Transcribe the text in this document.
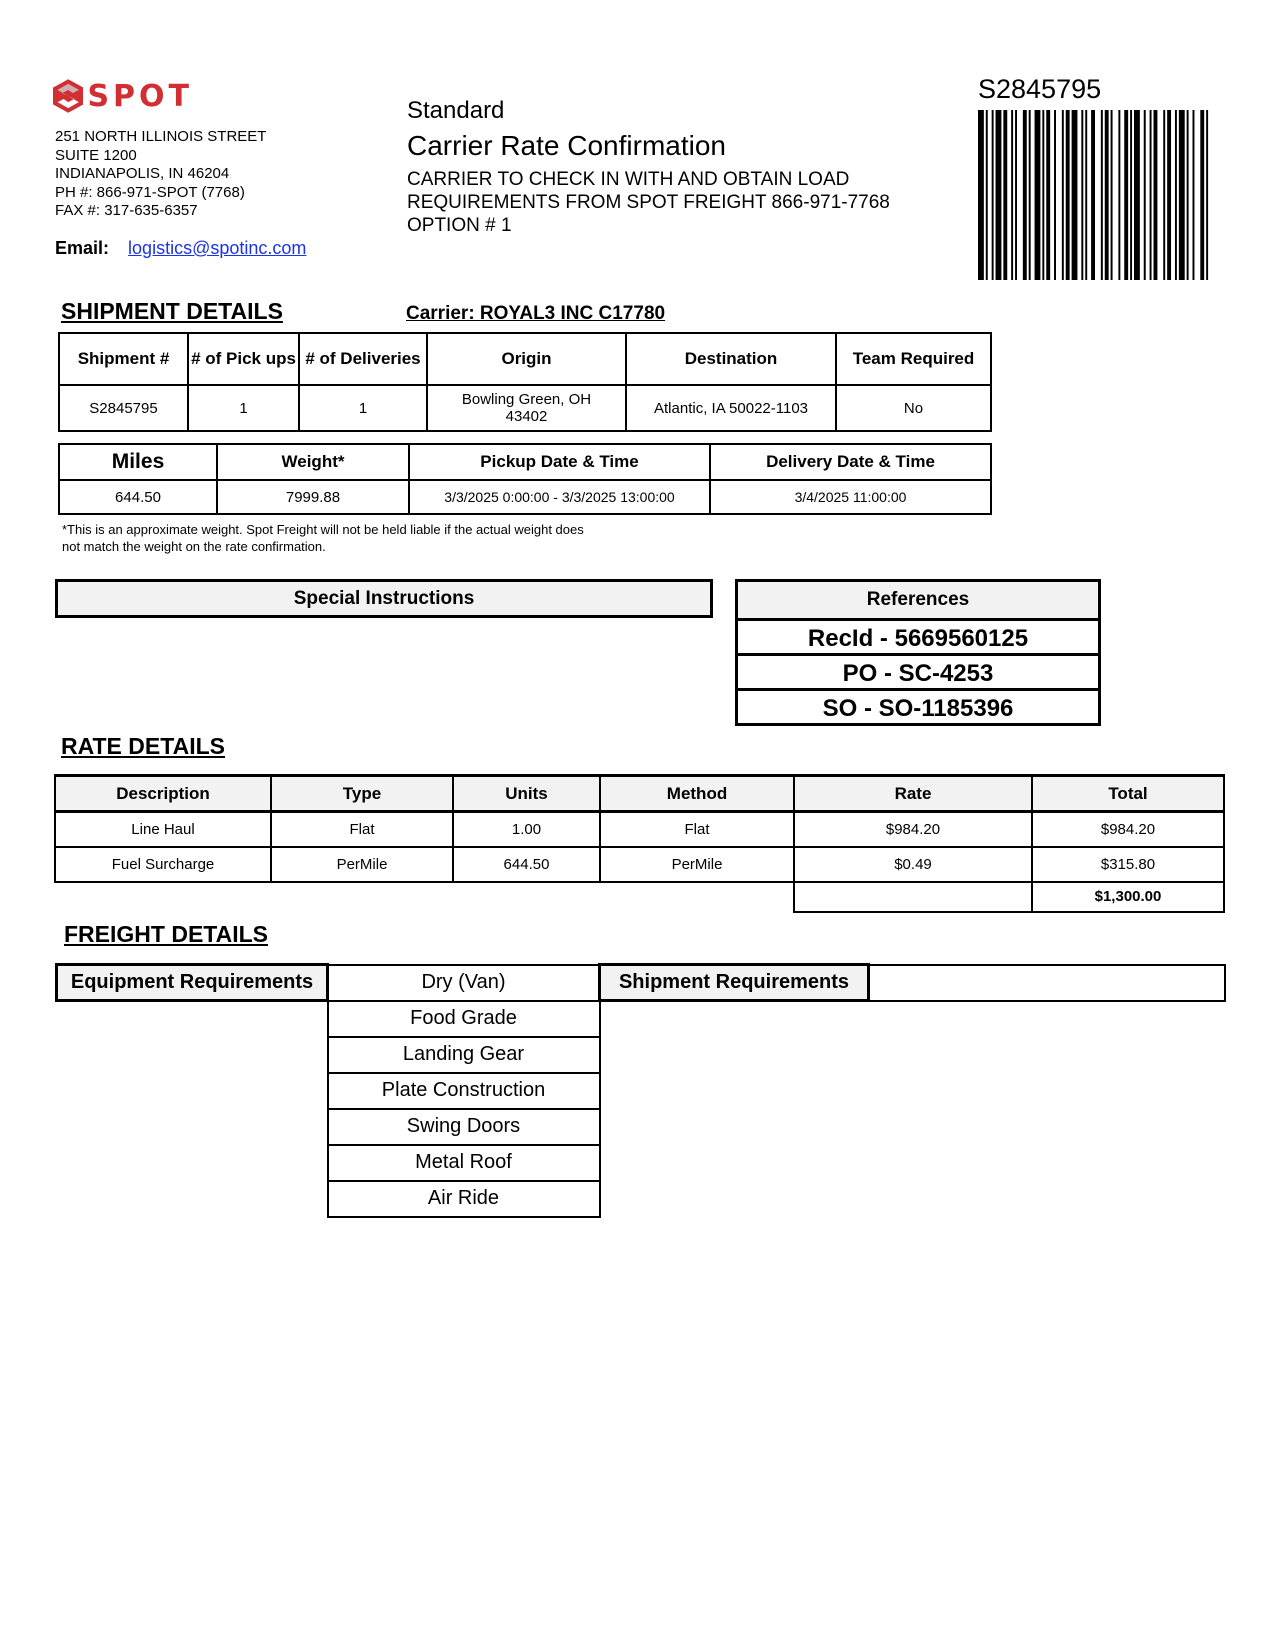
SPOT
251 NORTH ILLINOIS STREET
SUITE 1200
INDIANAPOLIS, IN 46204
PH #: 866-971-SPOT (7768)
FAX #: 317-635-6357
Email: logistics@spotinc.com
Standard
Carrier Rate Confirmation
CARRIER TO CHECK IN WITH AND OBTAIN LOAD
REQUIREMENTS FROM SPOT FREIGHT 866-971-7768
OPTION # 1
S2845795
SHIPMENT DETAILS	Carrier: ROYAL3 INC C17780
Shipment #	# of Pick ups	# of Deliveries	Origin	Destination	Team Required
S2845795	1	1	Bowling Green, OH 43402	Atlantic, IA 50022-1103	No
Miles	Weight*	Pickup Date & Time	Delivery Date & Time
644.50	7999.88	3/3/2025 0:00:00 - 3/3/2025 13:00:00	3/4/2025 11:00:00
*This is an approximate weight. Spot Freight will not be held liable if the actual weight does
not match the weight on the rate confirmation.
Special Instructions	References
RecId - 5669560125
PO - SC-4253
SO - SO-1185396
RATE DETAILS
Description	Type	Units	Method	Rate	Total
Line Haul	Flat	1.00	Flat	$984.20	$984.20
Fuel Surcharge	PerMile	644.50	PerMile	$0.49	$315.80
					$1,300.00
FREIGHT DETAILS
Equipment Requirements	Dry (Van)	Shipment Requirements	
	Food Grade		
	Landing Gear		
	Plate Construction		
	Swing Doors		
	Metal Roof		
	Air Ride		
